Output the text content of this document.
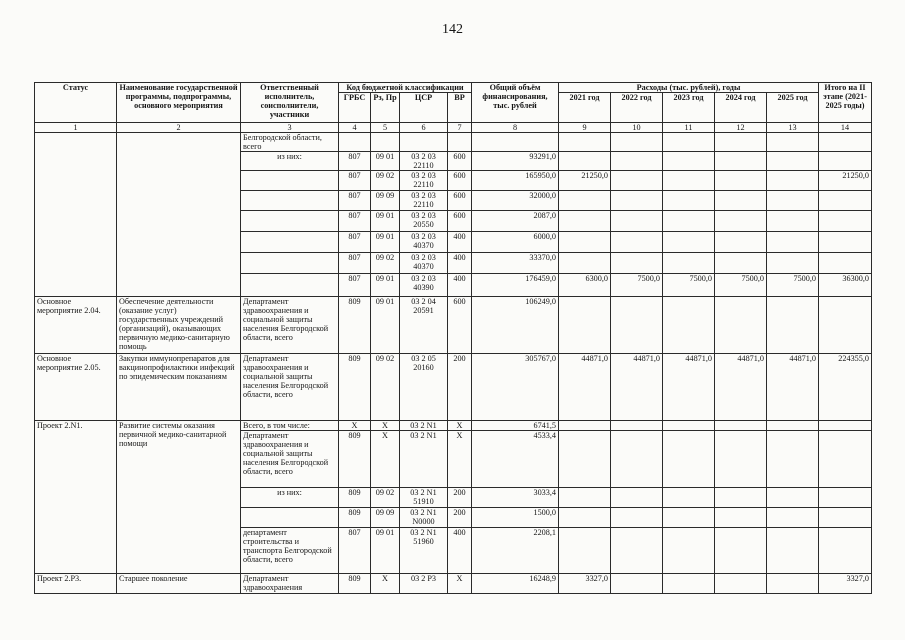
142
Статус	Наименование государственной программы, подпрограммы, основного мероприятия	Ответственный исполнитель, соисполнители, участники	Код бюджетной классификации				Общий объём финансирования, тыс. рублей	Расходы (тыс. рублей), годы					Итого на II этапе (2021-2025 годы)
			ГРБС	Рз, Пр	ЦСР	ВР		2021 год	2022 год	2023 год	2024 год	2025 год	
1	2	3	4	5	6	7	8	9	10	11	12	13	14
		Белгородской области, всего											
		из них:	807	09 01	03 2 03 22110	600	93291,0						
			807	09 02	03 2 03 22110	600	165950,0	21250,0					21250,0
			807	09 09	03 2 03 22110	600	32000,0						
			807	09 01	03 2 03 20550	600	2087,0						
			807	09 01	03 2 03 40370	400	6000,0						
			807	09 02	03 2 03 40370	400	33370,0						
			807	09 01	03 2 03 40390	400	176459,0	6300,0	7500,0	7500,0	7500,0	7500,0	36300,0
Основное мероприятие 2.04.	Обеспечение деятельности (оказание услуг) государственных учреждений (организаций), оказывающих первичную медико-санитарную помощь	Департамент здравоохранения и социальной защиты населения Белгородской области, всего	809	09 01	03 2 04 20591	600	106249,0						
Основное мероприятие 2.05.	Закупки иммунопрепаратов для вакцинопрофилактики инфекций по эпидемическим показаниям	Департамент здравоохранения и социальной защиты населения Белгородской области, всего	809	09 02	03 2 05 20160	200	305767,0	44871,0	44871,0	44871,0	44871,0	44871,0	224355,0
Проект 2.N1.	Развитие системы оказания первичной медико-санитарной помощи	Всего, в том числе:	X	X	03 2 N1	X	6741,5						
		Департамент здравоохранения и социальной защиты населения Белгородской области, всего	809	X	03 2 N1	X	4533,4						
		из них:	809	09 02	03 2 N1 51910	200	3033,4						
			809	09 09	03 2 N1 N0000	200	1500,0						
		департамент строительства и транспорта Белгородской области, всего	807	09 01	03 2 N1 51960	400	2208,1						
Проект 2.Р3.	Старшее поколение	Департамент здравоохранения	809	X	03 2 Р3	X	16248,9	3327,0					3327,0
